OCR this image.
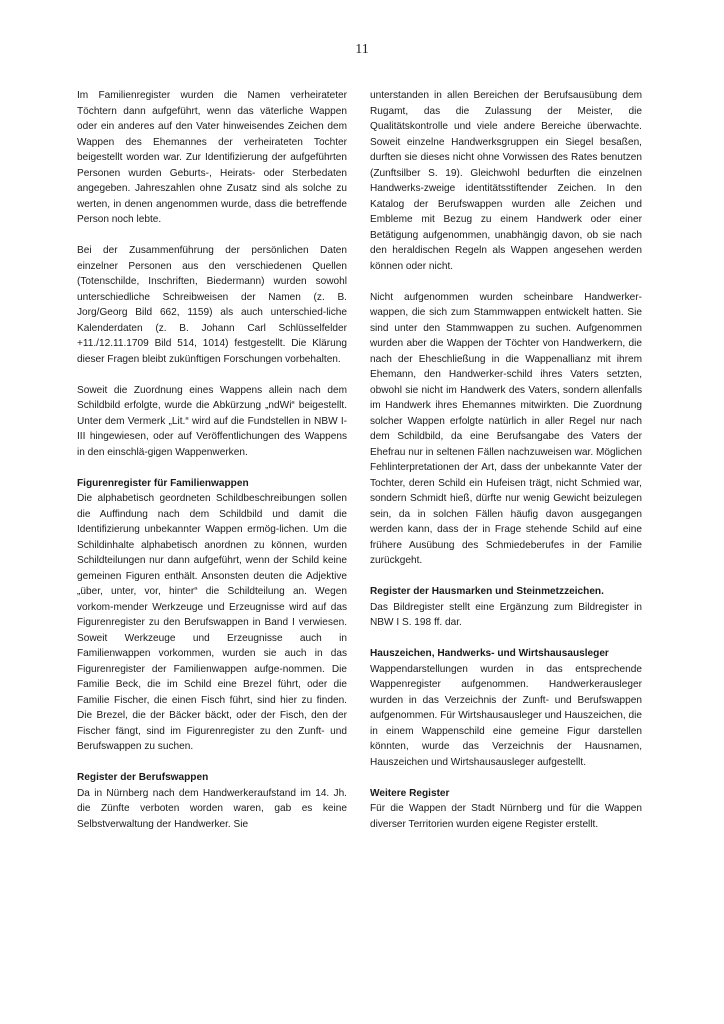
11

Im Familienregister wurden die Namen verheirateter Töchtern dann aufgeführt, wenn das väterliche Wappen oder ein anderes auf den Vater hinweisendes Zeichen dem Wappen des Ehemannes der verheirateten Tochter beigestellt worden war. Zur Identifizierung der aufgeführten Personen wurden Geburts-, Heirats- oder Sterbedaten angegeben. Jahreszahlen ohne Zusatz sind als solche zu werten, in denen angenommen wurde, dass die betreffende Person noch lebte.

Bei der Zusammenführung der persönlichen Daten einzelner Personen aus den verschiedenen Quellen (Totenschilde, Inschriften, Biedermann) wurden sowohl unterschiedliche Schreibweisen der Namen (z. B. Jorg/Georg Bild 662, 1159) als auch unterschied-liche Kalenderdaten (z. B. Johann Carl Schlüsselfelder +11./12.11.1709 Bild 514, 1014) festgestellt. Die Klärung dieser Fragen bleibt zukünftigen Forschungen vorbehalten.

Soweit die Zuordnung eines Wappens allein nach dem Schildbild erfolgte, wurde die Abkürzung „ndWi“ beigestellt. Unter dem Vermerk „Lit.“ wird auf die Fundstellen in NBW I-III hingewiesen, oder auf Veröffentlichungen des Wappens in den einschlä-gigen Wappenwerken.

Figurenregister für Familienwappen

Die alphabetisch geordneten Schildbeschreibungen sollen die Auffindung nach dem Schildbild und damit die Identifizierung unbekannter Wappen ermög-lichen. Um die Schildinhalte alphabetisch anordnen zu können, wurden Schildteilungen nur dann aufgeführt, wenn der Schild keine gemeinen Figuren enthält. Ansonsten deuten die Adjektive „über, unter, vor, hinter“ die Schildteilung an. Wegen vorkom-mender Werkzeuge und Erzeugnisse wird auf das Figurenregister zu den Berufswappen in Band I verwiesen. Soweit Werkzeuge und Erzeugnisse auch in Familienwappen vorkommen, wurden sie auch in das Figurenregister der Familienwappen aufge-nommen. Die Familie Beck, die im Schild eine Brezel führt, oder die Familie Fischer, die einen Fisch führt, sind hier zu finden. Die Brezel, die der Bäcker bäckt, oder der Fisch, den der Fischer fängt, sind im Figurenregister zu den Zunft- und Berufswappen zu suchen.

Register der Berufswappen

Da in Nürnberg nach dem Handwerkeraufstand im 14. Jh. die Zünfte verboten worden waren, gab es keine Selbstverwaltung der Handwerker. Sie

unterstanden in allen Bereichen der Berufsausübung dem Rugamt, das die Zulassung der Meister, die Qualitätskontrolle und viele andere Bereiche überwachte. Soweit einzelne Handwerksgruppen ein Siegel besaßen, durften sie dieses nicht ohne Vorwissen des Rates benutzen (Zunftsilber S. 19). Gleichwohl bedurften die einzelnen Handwerks-zweige identitätsstiftender Zeichen. In den Katalog der Berufswappen wurden alle Zeichen und Embleme mit Bezug zu einem Handwerk oder einer Betätigung aufgenommen, unabhängig davon, ob sie nach den heraldischen Regeln als Wappen angesehen werden können oder nicht.

Nicht aufgenommen wurden scheinbare Handwerker-wappen, die sich zum Stammwappen entwickelt hatten. Sie sind unter den Stammwappen zu suchen. Aufgenommen wurden aber die Wappen der Töchter von Handwerkern, die nach der Eheschließung in die Wappenallianz mit ihrem Ehemann, den Handwerker-schild ihres Vaters setzten, obwohl sie nicht im Handwerk des Vaters, sondern allenfalls im Handwerk ihres Ehemannes mitwirkten. Die Zuordnung solcher Wappen erfolgte natürlich in aller Regel nur nach dem Schildbild, da eine Berufsangabe des Vaters der Ehefrau nur in seltenen Fällen nachzuweisen war. Möglichen Fehlinterpretationen der Art, dass der unbekannte Vater der Tochter, deren Schild ein Hufeisen trägt, nicht Schmied war, sondern Schmidt hieß, dürfte nur wenig Gewicht beizulegen sein, da in solchen Fällen häufig davon ausgegangen werden kann, dass der in Frage stehende Schild auf eine frühere Ausübung des Schmiedeberufes in der Familie zurückgeht.

Register der Hausmarken und Steinmetzzeichen.

Das Bildregister stellt eine Ergänzung zum Bildregister in NBW I S. 198 ff. dar.

Hauszeichen, Handwerks- und Wirtshausausleger

Wappendarstellungen wurden in das entsprechende Wappenregister aufgenommen. Handwerkerausleger wurden in das Verzeichnis der Zunft- und Berufswappen aufgenommen. Für Wirtshausausleger und Hauszeichen, die in einem Wappenschild eine gemeine Figur darstellen könnten, wurde das Verzeichnis der Hausnamen, Hauszeichen und Wirtshausausleger aufgestellt.

Weitere Register

Für die Wappen der Stadt Nürnberg und für die Wappen diverser Territorien wurden eigene Register erstellt.
